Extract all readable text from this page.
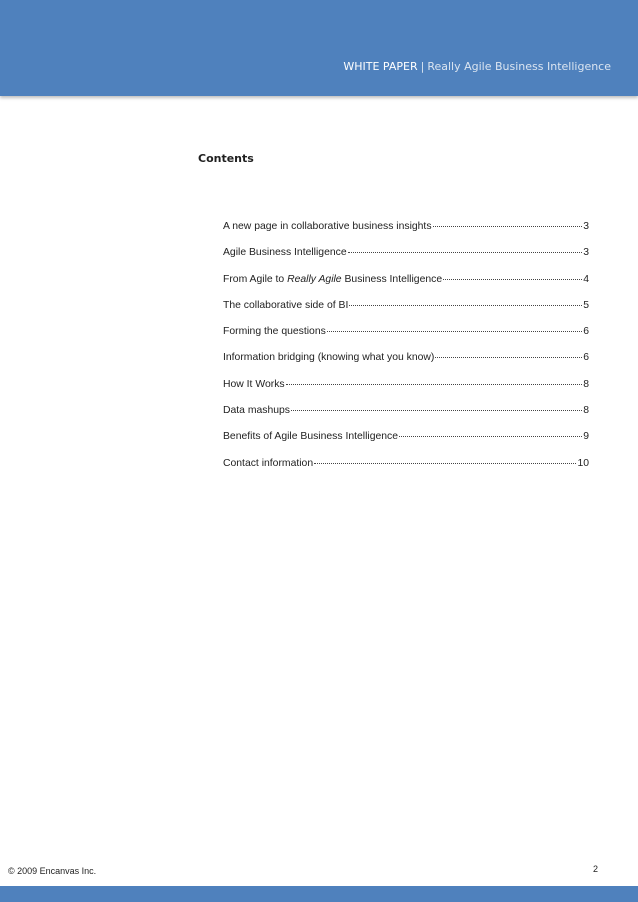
WHITE PAPER | Really Agile Business Intelligence
Contents
A new page in collaborative business insights	3
Agile Business Intelligence	3
From Agile to Really Agile Business Intelligence	4
The collaborative side of BI	5
Forming the questions	6
Information bridging (knowing what you know)	6
How It Works	8
Data mashups	8
Benefits of Agile Business Intelligence	9
Contact information	10
© 2009 Encanvas Inc.	2
